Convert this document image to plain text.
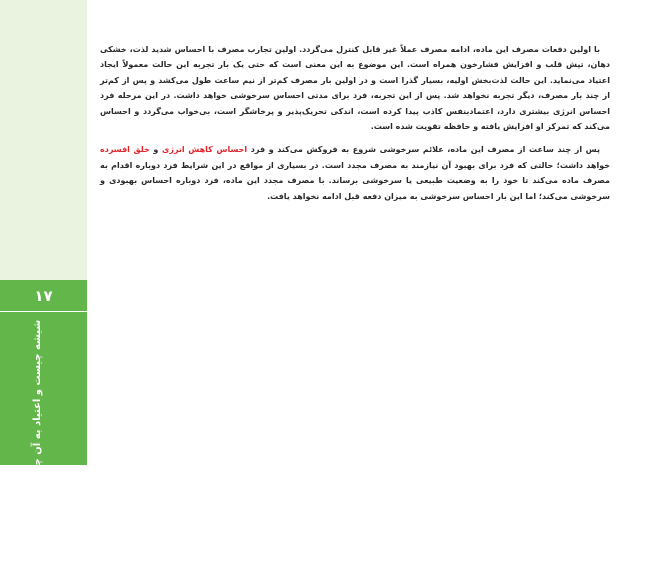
۱۷
شیشه چیست و اعتیاد به آن چگونه درمان می‌شود؟

با اولین دفعات مصرف این ماده، ادامه مصرف عملاً غیر قابل کنترل می‌گردد. اولین تجارب مصرف با احساس شدید لذت، خشکی دهان، تپش قلب و افزایش فشارخون همراه است. این موضوع به این معنی است که حتی یک بار تجربه این حالت معمولاً ایجاد اعتیاد می‌نماید. این حالت لذت‌بخش اولیه، بسیار گذرا است و در اولین بار مصرف کم‌تر از نیم ساعت طول می‌کشد و پس از کم‌تر از چند بار مصرف، دیگر تجربه نخواهد شد. پس از این تجربه، فرد برای مدتی احساس سرخوشی خواهد داشت. در این مرحله فرد احساس انرژی بیشتری دارد، اعتمادبنفس کاذب پیدا کرده است، اندکی تحریک‌پذیر و پرخاشگر است، بی‌خواب می‌گردد و احساس می‌کند که تمرکز او افزایش یافته و حافظه تقویت شده است.

پس از چند ساعت از مصرف این ماده، علائم سرخوشی شروع به فروکش می‌کند و فرد احساس کاهش انرژی و خلق افسرده خواهد داشت؛ حالتی که فرد برای بهبود آن نیازمند به مصرف مجدد است. در بسیاری از مواقع در این شرایط فرد دوباره اقدام به مصرف ماده می‌کند تا خود را به وضعیت طبیعی یا سرخوشی برساند. با مصرف مجدد این ماده، فرد دوباره احساس بهبودی و سرخوشی می‌کند؛ اما این بار احساس سرخوشی به میزان دفعه قبل ادامه نخواهد یافت.
